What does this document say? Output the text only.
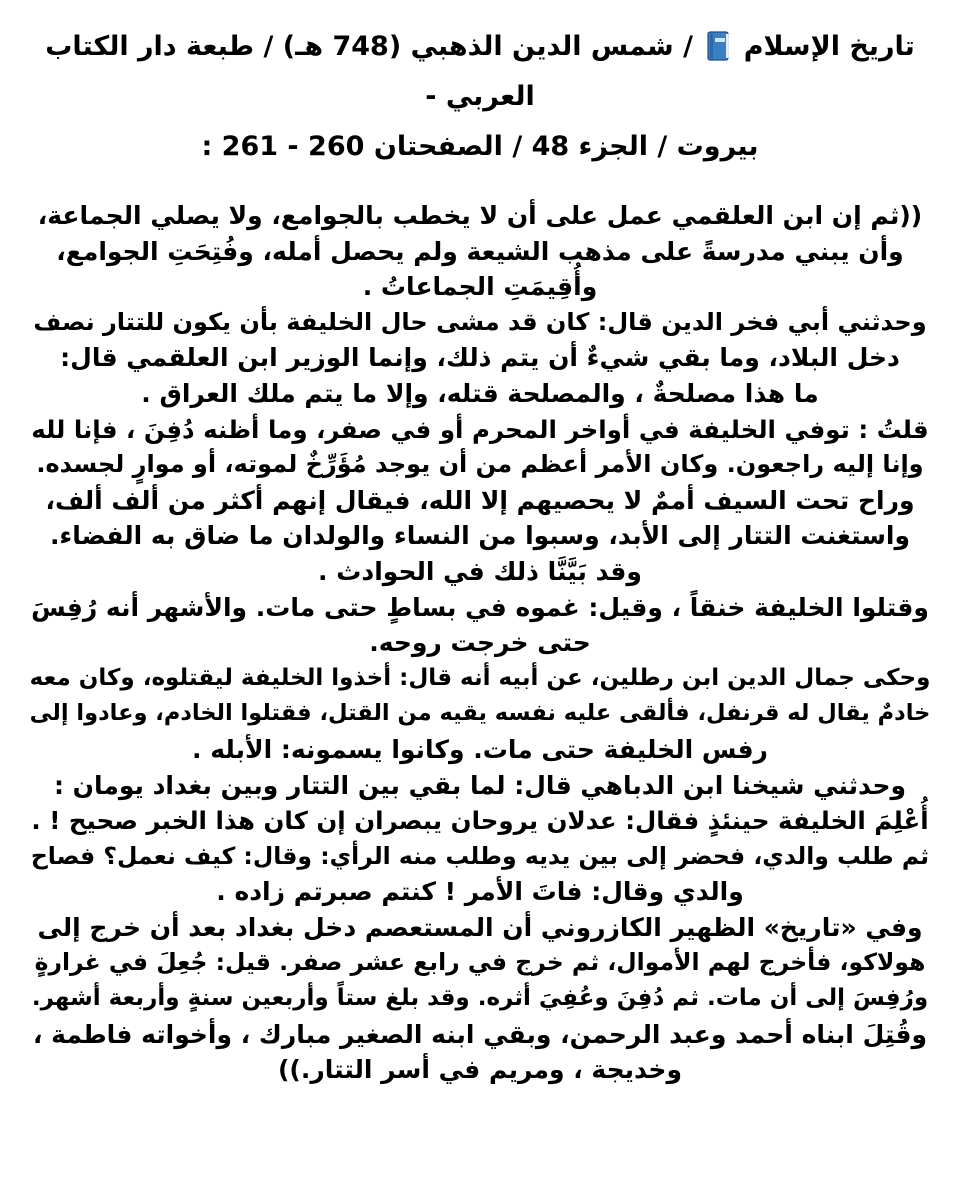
تاريخ الإسلام  / شمس الدين الذهبي (748 هـ) / طبعة دار الكتاب العربي -
بيروت / الجزء 48 / الصفحتان 260 - 261 :
((ثم إن ابن العلقمي عمل على أن لا يخطب بالجوامع، ولا يصلي الجماعة،
وأن يبني مدرسةً على مذهب الشيعة ولم يحصل أمله، وفُتِحَتِ الجوامع،
وأُقِيمَتِ الجماعاتُ .
وحدثني أبي فخر الدين قال: كان قد مشى حال الخليفة بأن يكون للتتار نصف
دخل البلاد، وما بقي شيءٌ أن يتم ذلك، وإنما الوزير ابن العلقمي قال:
ما هذا مصلحةٌ ، والمصلحة قتله، وإلا ما يتم ملك العراق .
قلتُ : توفي الخليفة في أواخر المحرم أو في صفر، وما أظنه دُفِنَ ، فإنا لله
وإنا إليه راجعون. وكان الأمر أعظم من أن يوجد مُؤَرِّخٌ لموته، أو موارٍ لجسده.
وراح تحت السيف أممٌ لا يحصيهم إلا الله، فيقال إنهم أكثر من ألف ألف،
واستغنت التتار إلى الأبد، وسبوا من النساء والولدان ما ضاق به الفضاء.
وقد بَيَّنَّا ذلك في الحوادث .
وقتلوا الخليفة خنقاً ، وقيل: غموه في بساطٍ حتى مات. والأشهر أنه رُفِسَ
حتى خرجت روحه.
وحكى جمال الدين ابن رطلين، عن أبيه أنه قال: أخذوا الخليفة ليقتلوه، وكان معه
خادمٌ يقال له قرنفل، فألقى عليه نفسه يقيه من القتل، فقتلوا الخادم، وعادوا إلى
رفس الخليفة حتى مات. وكانوا يسمونه: الأبله .
وحدثني شيخنا ابن الدباهي قال: لما بقي بين التتار وبين بغداد يومان :
أُعْلِمَ الخليفة حينئذٍ فقال: عدلان يروحان يبصران إن كان هذا الخبر صحيح ! .
ثم طلب والدي، فحضر إلى بين يديه وطلب منه الرأي: وقال: كيف نعمل؟ فصاح
والدي وقال: فاتَ الأمر ! كنتم صبرتم زاده .
وفي «تاريخ» الظهير الكازروني أن المستعصم دخل بغداد بعد أن خرج إلى
هولاكو، فأخرج لهم الأموال، ثم خرج في رابع عشر صفر. قيل: جُعِلَ في غرارةٍ
ورُفِسَ إلى أن مات. ثم دُفِنَ وعُفِيَ أثره. وقد بلغ ستاً وأربعين سنةٍ وأربعة أشهر.
وقُتِلَ ابناه أحمد وعبد الرحمن، وبقي ابنه الصغير مبارك ، وأخواته فاطمة ،
وخديجة ، ومريم في أسر التتار.))
